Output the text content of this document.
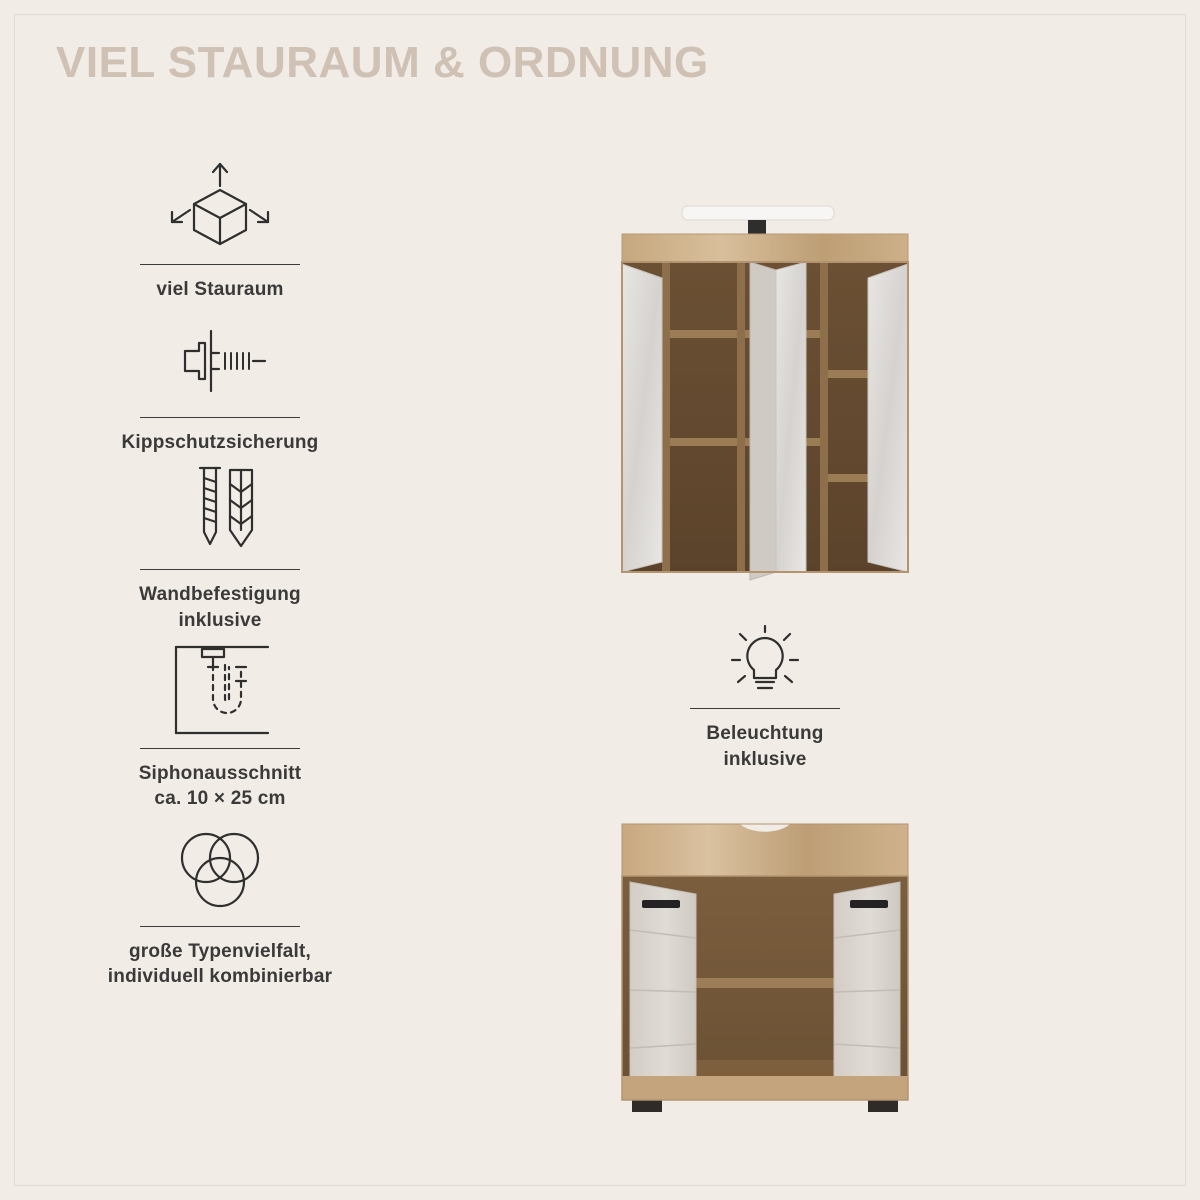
VIEL STAURAUM & ORDNUNG
viel Stauraum
Kippschutzsicherung
Wandbefestigung
inklusive
Siphonausschnitt
ca. 10 × 25 cm
große Typenvielfalt,
individuell kombinierbar
Beleuchtung
inklusive
